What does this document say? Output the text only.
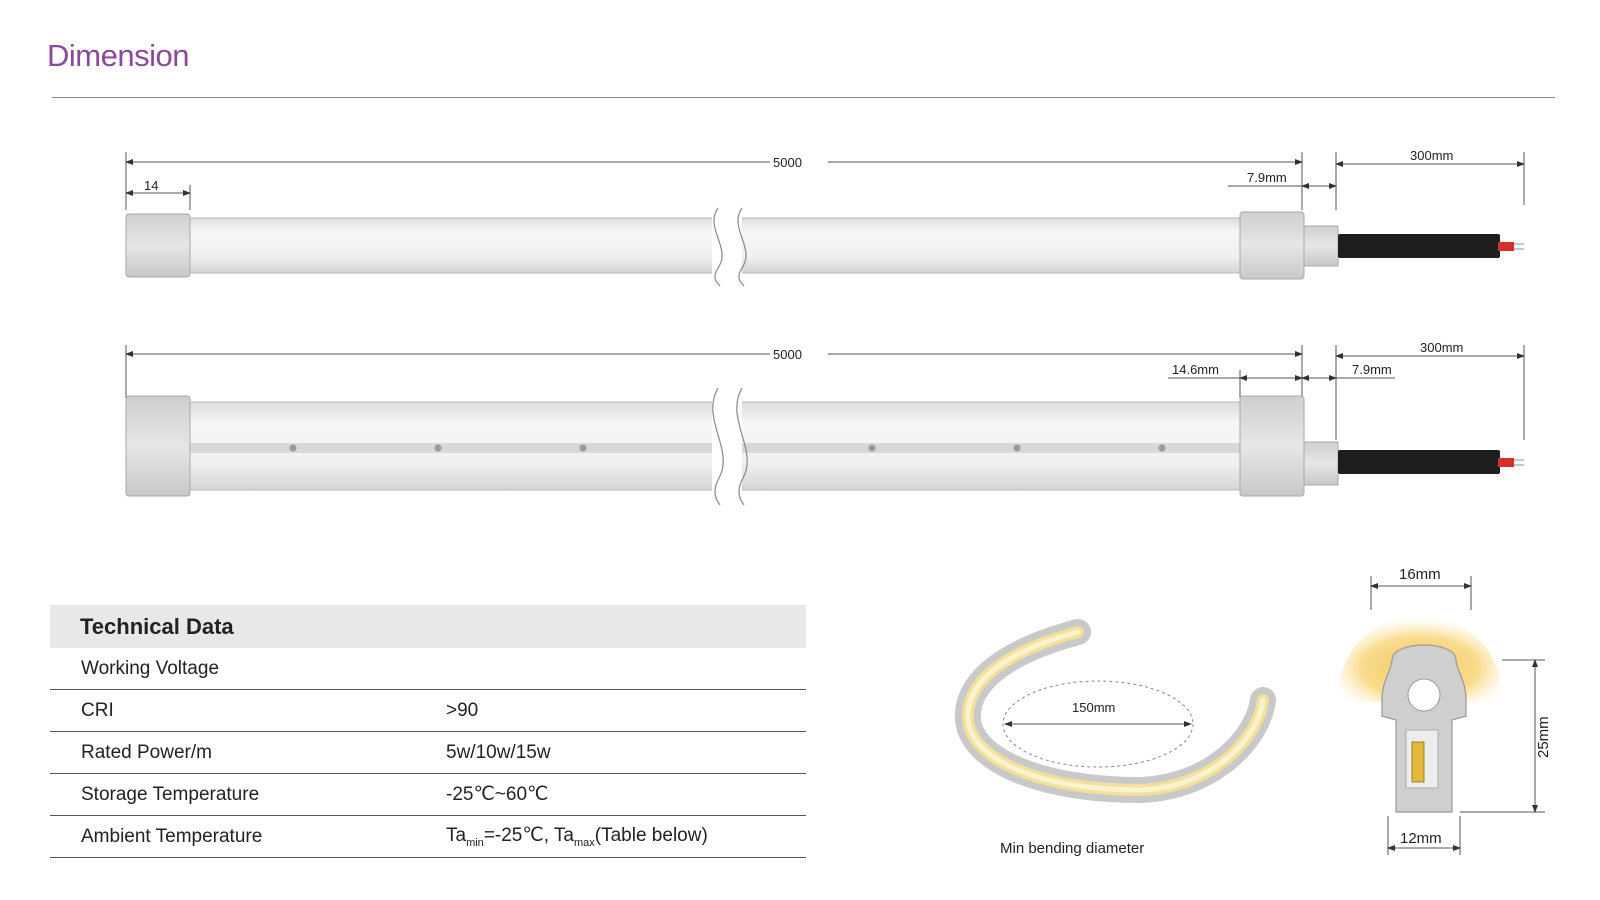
Dimension
5000
14
7.9mm
300mm
5000
14.6mm	7.9mm
300mm
150mm
Min bending diameter
16mm
25mm
12mm
Technical Data
Working Voltage
CRI	>90
Rated Power/m	5w/10w/15w
Storage Temperature	-25℃~60℃
Ambient Temperature	$Ta_{min}=-25℃$, $Ta_{max}(Table$ below)
